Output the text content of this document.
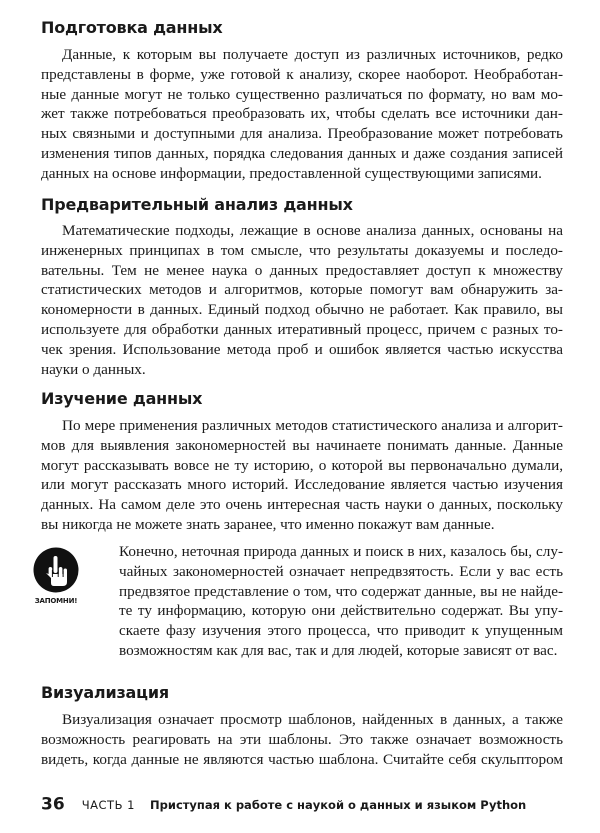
Подготовка данных
Данные, к которым вы получаете доступ из различных источников, редко
представлены в форме, уже готовой к анализу, скорее наоборот. Необработан-
ные данные могут не только существенно различаться по формату, но вам мо-
жет также потребоваться преобразовать их, чтобы сделать все источники дан-
ных связными и доступными для анализа. Преобразование может потребовать
изменения типов данных, порядка следования данных и даже создания записей
данных на основе информации, предоставленной существующими записями.
Предварительный анализ данных
Математические подходы, лежащие в основе анализа данных, основаны на
инженерных принципах в том смысле, что результаты доказуемы и последо-
вательны. Тем не менее наука о данных предоставляет доступ к множеству
статистических методов и алгоритмов, которые помогут вам обнаружить за-
кономерности в данных. Единый подход обычно не работает. Как правило, вы
используете для обработки данных итеративный процесс, причем с разных то-
чек зрения. Использование метода проб и ошибок является частью искусства
науки о данных.
Изучение данных
По мере применения различных методов статистического анализа и алгорит-
мов для выявления закономерностей вы начинаете понимать данные. Данные
могут рассказывать вовсе не ту историю, о которой вы первоначально думали,
или могут рассказать много историй. Исследование является частью изучения
данных. На самом деле это очень интересная часть науки о данных, поскольку
вы никогда не можете знать заранее, что именно покажут вам данные.
ЗАПОМНИ!
Конечно, неточная природа данных и поиск в них, казалось бы, слу-
чайных закономерностей означает непредвзятость. Если у вас есть
предвзятое представление о том, что содержат данные, вы не найде-
те ту информацию, которую они действительно содержат. Вы упу-
скаете фазу изучения этого процесса, что приводит к упущенным
возможностям как для вас, так и для людей, которые зависят от вас.
Визуализация
Визуализация означает просмотр шаблонов, найденных в данных, а также
возможность реагировать на эти шаблоны. Это также означает возможность
видеть, когда данные не являются частью шаблона. Считайте себя скульптором
36 ЧАСТЬ 1 Приступая к работе с наукой о данных и языком Python
